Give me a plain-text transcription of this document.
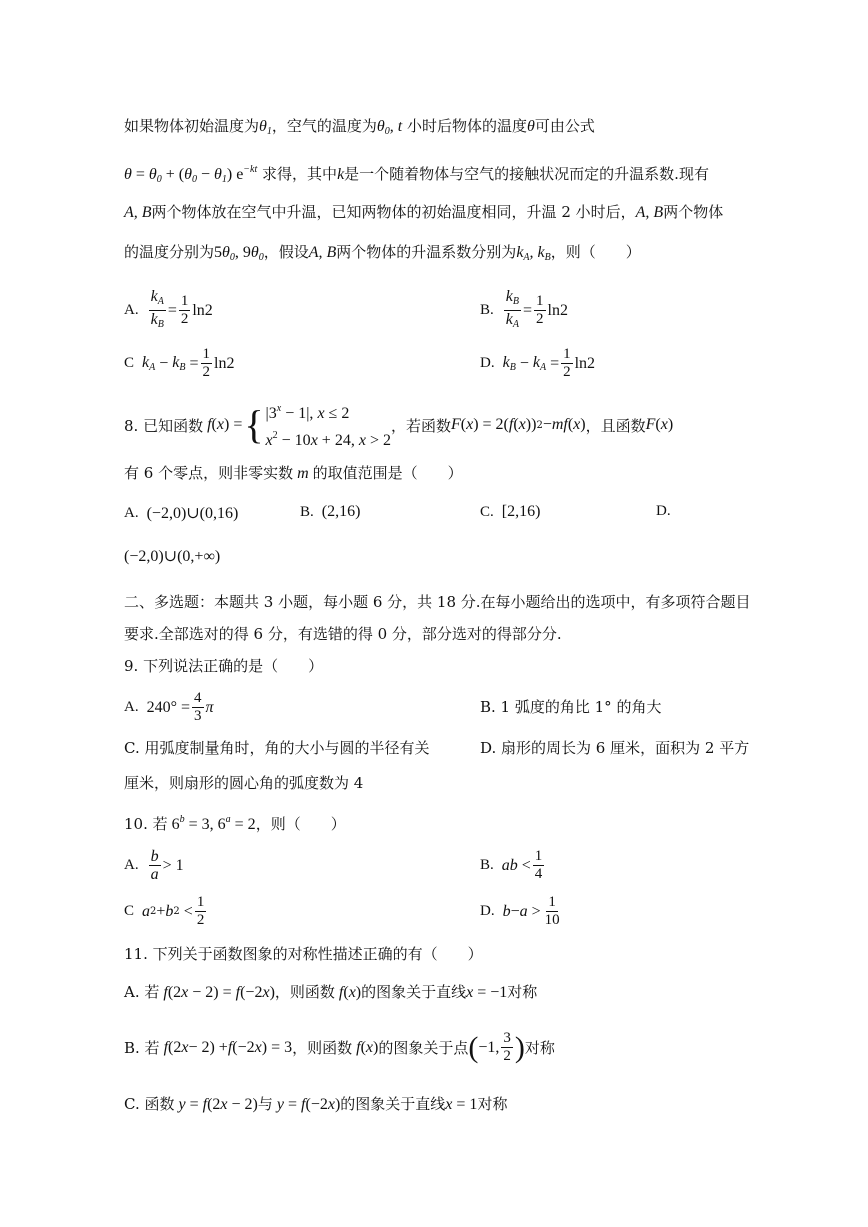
如果物体初始温度为$\theta_1$，空气的温度为$\theta_0$, t 小时后物体的温度θ可由公式
$\theta = \theta_0 + (\theta_0 - \theta_1)$ $e^{-kt}$ 求得，其中k是一个随着物体与空气的接触状况而定的升温系数.现有
A, B两个物体放在空气中升温，已知两物体的初始温度相同，升温 2 小时后，A, B两个物体
的温度分别为$5\theta_0$, $9\theta_0$，假设A, B两个物体的升温系数分别为$k_A$, $k_B$，则（　　）
A. $\frac{k_A}{k_B} = \frac{1}{2} \ln 2$	B. $\frac{k_B}{k_A} = \frac{1}{2} \ln 2$
C $k_A - k_B = \frac{1}{2} \ln 2$	D. $k_B - k_A = \frac{1}{2} \ln 2$
8. 已知函数 f ( x ) = { $|3^x - 1|$, x ≤ 2
$x^2 - 10x + 24$, x > 2
，若函数 F ( x ) = 2( f ( x )) 2 − mf ( x ) ，且函数 F ( x )
有 6 个零点，则非零实数 m 的取值范围是（　　）
A. (−2,0)∪(0,16)	B. (2,16)	C. [2,16)	D.
(−2,0)∪(0,+∞)
二、多选题：本题共 3 小题，每小题 6 分，共 18 分.在每小题给出的选项中，有多项符合题目
要求.全部选对的得 6 分，有选错的得 0 分，部分选对的得部分分.
9. 下列说法正确的是（　　）
A. $240^\circ = \frac{4}{3}$ π	B. 1 弧度的角比 1° 的角大
C. 用弧度制量角时，角的大小与圆的半径有关	D. 扇形的周长为 6 厘米，面积为 2 平方
厘米，则扇形的圆心角的弧度数为 4
10. 若 $6^b = 3$, $6^a = 2$，则（　　）
A. $\frac{b}{a} > 1$	B. ab < $\frac{1}{4}$
C a 2 + b $2 < \frac{1}{2}$	D. $b - a > \frac{1}{10}$
11. 下列关于函数图象的对称性描述正确的有（　　）
A. 若 f(2x − 2) = f(−2x)，则函数 f(x)的图象关于直线x = −1对称
B. 若 f (2 x − 2) + f (−2 x ) = 3 ，则函数 f ( x ) 的图象关于点 ( −1, $\frac{3}{2}$ ) 对称
C. 函数 y = f(2x − 2)与 y = f(−2x)的图象关于直线x = 1对称
